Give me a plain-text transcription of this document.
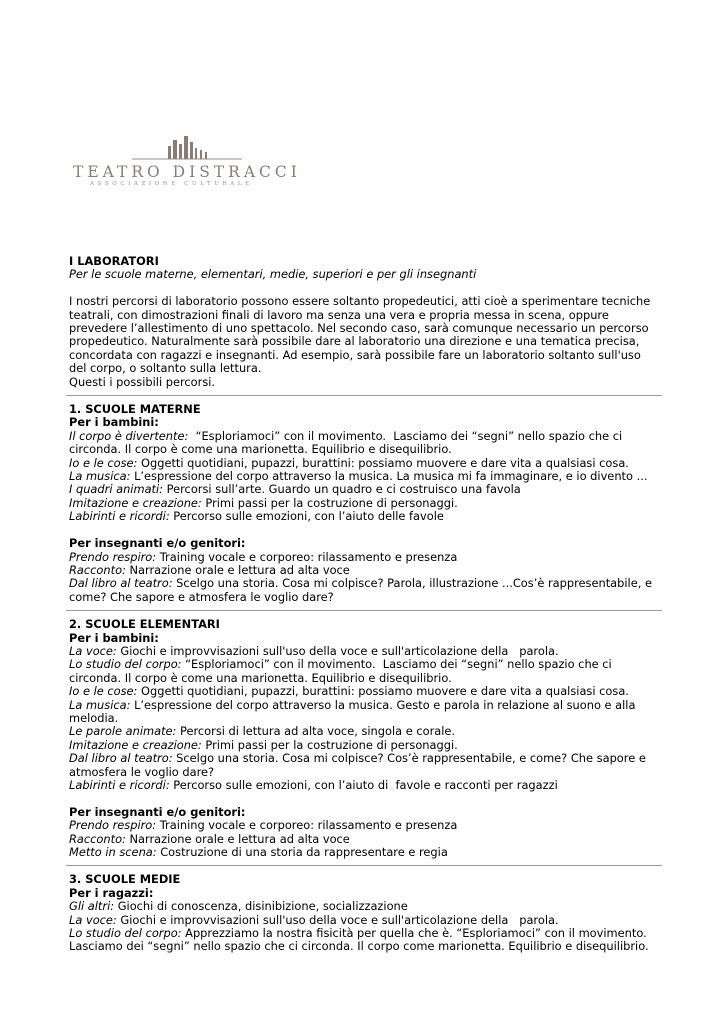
TEATRO DISTRACCI
ASSOCIAZIONE CULTURALE

I LABORATORI

Per le scuole materne, elementari, medie, superiori e per gli insegnanti

I nostri percorsi di laboratorio possono essere soltanto propedeutici, atti cioè a sperimentare tecniche teatrali, con dimostrazioni finali di lavoro ma senza una vera e propria messa in scena, oppure prevedere l’allestimento di uno spettacolo. Nel secondo caso, sarà comunque necessario un percorso propedeutico. Naturalmente sarà possibile dare al laboratorio una direzione e una tematica precisa, concordata con ragazzi e insegnanti. Ad esempio, sarà possibile fare un laboratorio soltanto sull'uso del corpo, o soltanto sulla lettura.

Questi i possibili percorsi.

1. SCUOLE MATERNE

Per i bambini:

Il corpo è divertente:  “Esploriamoci” con il movimento.  Lasciamo dei “segni” nello spazio che ci circonda. Il corpo è come una marionetta. Equilibrio e disequilibrio.

Io e le cose: Oggetti quotidiani, pupazzi, burattini: possiamo muovere e dare vita a qualsiasi cosa.

La musica: L’espressione del corpo attraverso la musica. La musica mi fa immaginare, e io divento ...

I quadri animati: Percorsi sull’arte. Guardo un quadro e ci costruisco una favola

Imitazione e creazione: Primi passi per la costruzione di personaggi.

Labirinti e ricordi: Percorso sulle emozioni, con l’aiuto delle favole

Per insegnanti e/o genitori:

Prendo respiro: Training vocale e corporeo: rilassamento e presenza

Racconto: Narrazione orale e lettura ad alta voce

Dal libro al teatro: Scelgo una storia. Cosa mi colpisce? Parola, illustrazione ...Cos’è rappresentabile, e come? Che sapore e atmosfera le voglio dare?

2. SCUOLE ELEMENTARI

Per i bambini:

La voce: Giochi e improvvisazioni sull'uso della voce e sull'articolazione della   parola.

Lo studio del corpo: “Esploriamoci” con il movimento.  Lasciamo dei “segni” nello spazio che ci circonda. Il corpo è come una marionetta. Equilibrio e disequilibrio.

Io e le cose: Oggetti quotidiani, pupazzi, burattini: possiamo muovere e dare vita a qualsiasi cosa.

La musica: L’espressione del corpo attraverso la musica. Gesto e parola in relazione al suono e alla melodia.

Le parole animate: Percorsi di lettura ad alta voce, singola e corale.

Imitazione e creazione: Primi passi per la costruzione di personaggi.

Dal libro al teatro: Scelgo una storia. Cosa mi colpisce? Cos’è rappresentabile, e come? Che sapore e atmosfera le voglio dare?

Labirinti e ricordi: Percorso sulle emozioni, con l’aiuto di  favole e racconti per ragazzi

Per insegnanti e/o genitori:

Prendo respiro: Training vocale e corporeo: rilassamento e presenza

Racconto: Narrazione orale e lettura ad alta voce

Metto in scena: Costruzione di una storia da rappresentare e regia

3. SCUOLE MEDIE

Per i ragazzi:

Gli altri: Giochi di conoscenza, disinibizione, socializzazione

La voce: Giochi e improvvisazioni sull'uso della voce e sull'articolazione della   parola.

Lo studio del corpo: Apprezziamo la nostra fisicità per quella che è. “Esploriamoci” con il movimento. Lasciamo dei “segni” nello spazio che ci circonda. Il corpo come marionetta. Equilibrio e disequilibrio.
